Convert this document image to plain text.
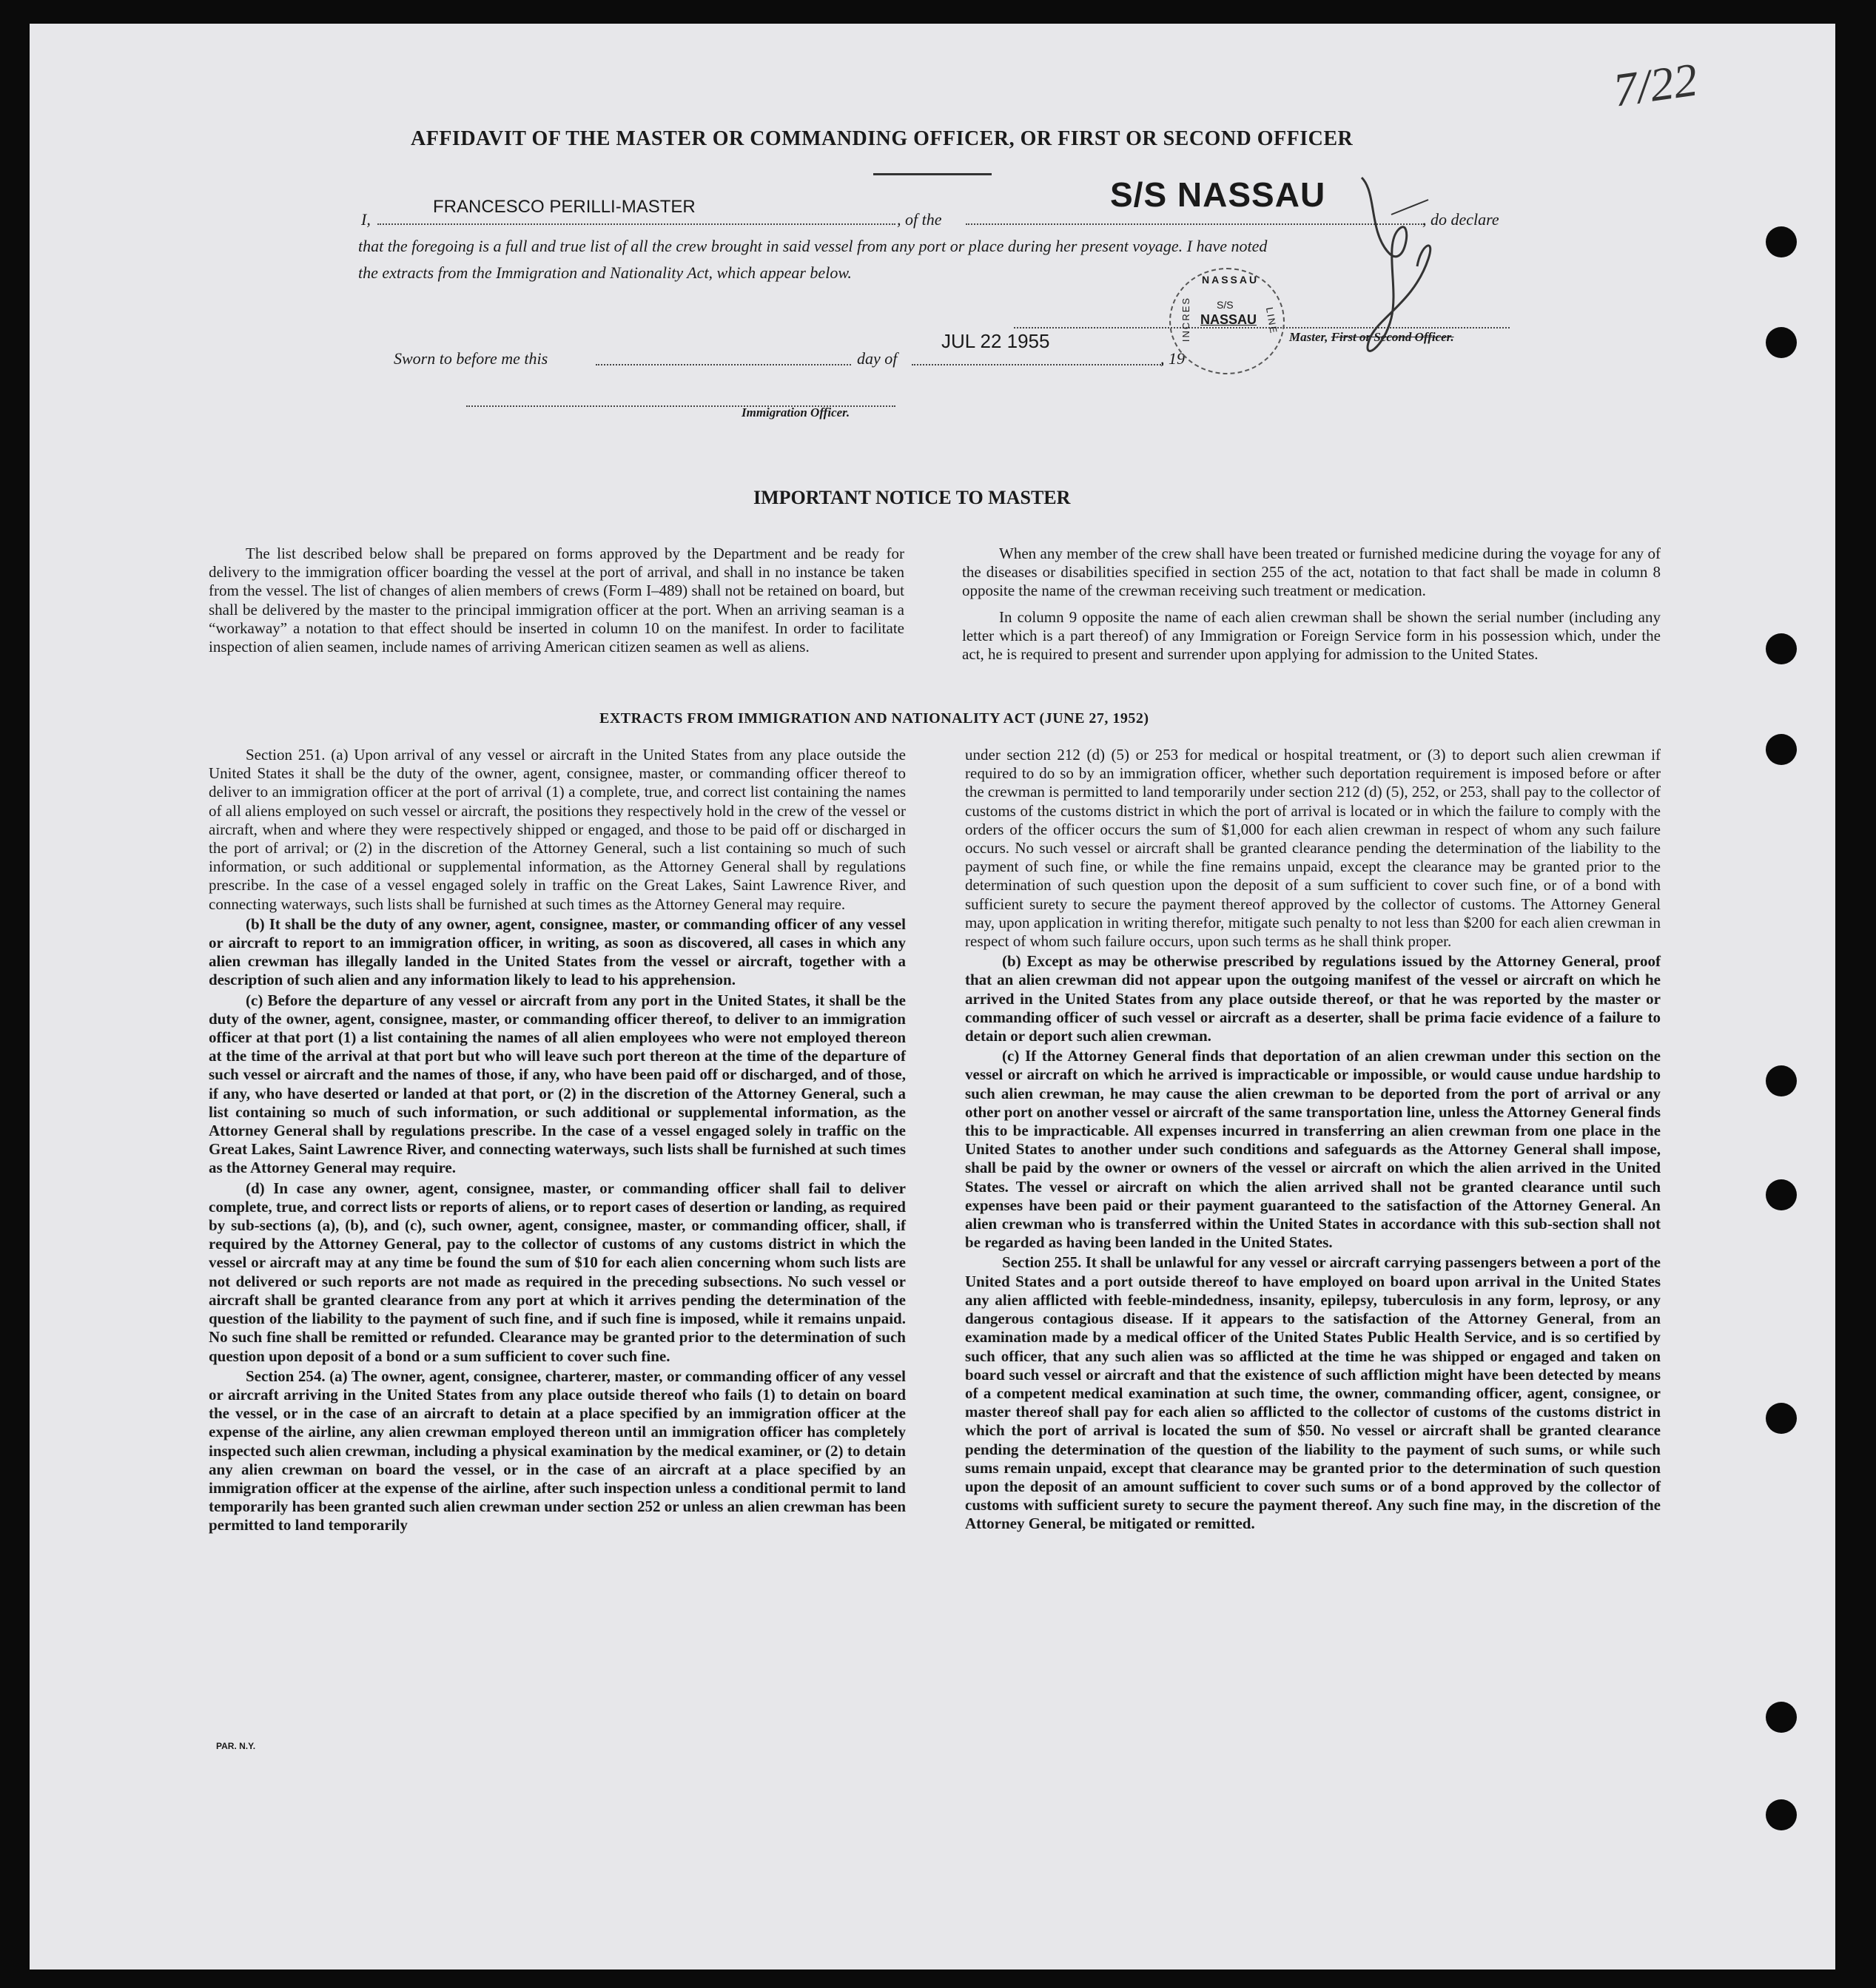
7/22
AFFIDAVIT OF THE MASTER OR COMMANDING OFFICER, OR FIRST OR SECOND OFFICER
I,
FRANCESCO PERILLI-MASTER
, of the
S/S NASSAU
, do declare
that the foregoing is a full and true list of all the crew brought in said vessel from any port or place during her present voyage. I have noted
the extracts from the Immigration and Nationality Act, which appear below.
Sworn to before me this	day of
JUL 22 1955
, 19
Master, First or Second Officer.
NASSAU
INCRES	LINE
S/S
NASSAU
Immigration Officer.
IMPORTANT NOTICE TO MASTER

The list described below shall be prepared on forms approved by the Department and be ready for delivery to the immigration officer boarding the vessel at the port of arrival, and shall in no instance be taken from the vessel. The list of changes of alien members of crews (Form I–489) shall not be retained on board, but shall be delivered by the master to the principal immigration officer at the port. When an arriving seaman is a “workaway” a notation to that effect should be inserted in column 10 on the manifest. In order to facilitate inspection of alien seamen, include names of arriving American citizen seamen as well as aliens.

When any member of the crew shall have been treated or furnished medicine during the voyage for any of the diseases or disabilities specified in section 255 of the act, notation to that fact shall be made in column 8 opposite the name of the crewman receiving such treatment or medication.

In column 9 opposite the name of each alien crewman shall be shown the serial number (including any letter which is a part thereof) of any Immigration or Foreign Service form in his possession which, under the act, he is required to present and surrender upon applying for admission to the United States.

EXTRACTS FROM IMMIGRATION AND NATIONALITY ACT (JUNE 27, 1952)

Section 251. (a) Upon arrival of any vessel or aircraft in the United States from any place outside the United States it shall be the duty of the owner, agent, consignee, master, or commanding officer thereof to deliver to an immigration officer at the port of arrival (1) a complete, true, and correct list containing the names of all aliens employed on such vessel or aircraft, the positions they respectively hold in the crew of the vessel or aircraft, when and where they were respectively shipped or engaged, and those to be paid off or discharged in the port of arrival; or (2) in the discretion of the Attorney General, such a list containing so much of such information, or such additional or supplemental information, as the Attorney General shall by regulations prescribe. In the case of a vessel engaged solely in traffic on the Great Lakes, Saint Lawrence River, and connecting waterways, such lists shall be furnished at such times as the Attorney General may require.

(b) It shall be the duty of any owner, agent, consignee, master, or commanding officer of any vessel or aircraft to report to an immigration officer, in writing, as soon as discovered, all cases in which any alien crewman has illegally landed in the United States from the vessel or aircraft, together with a description of such alien and any information likely to lead to his apprehension.

(c) Before the departure of any vessel or aircraft from any port in the United States, it shall be the duty of the owner, agent, consignee, master, or commanding officer thereof, to deliver to an immigration officer at that port (1) a list containing the names of all alien employees who were not employed thereon at the time of the arrival at that port but who will leave such port thereon at the time of the departure of such vessel or aircraft and the names of those, if any, who have been paid off or discharged, and of those, if any, who have deserted or landed at that port, or (2) in the discretion of the Attorney General, such a list containing so much of such information, or such additional or supplemental information, as the Attorney General shall by regulations prescribe. In the case of a vessel engaged solely in traffic on the Great Lakes, Saint Lawrence River, and connecting waterways, such lists shall be furnished at such times as the Attorney General may require.

(d) In case any owner, agent, consignee, master, or commanding officer shall fail to deliver complete, true, and correct lists or reports of aliens, or to report cases of desertion or landing, as required by sub-sections (a), (b), and (c), such owner, agent, consignee, master, or commanding officer, shall, if required by the Attorney General, pay to the collector of customs of any customs district in which the vessel or aircraft may at any time be found the sum of $10 for each alien concerning whom such lists are not delivered or such reports are not made as required in the preceding subsections. No such vessel or aircraft shall be granted clearance from any port at which it arrives pending the determination of the question of the liability to the payment of such fine, and if such fine is imposed, while it remains unpaid. No such fine shall be remitted or refunded. Clearance may be granted prior to the determination of such question upon deposit of a bond or a sum sufficient to cover such fine.

Section 254. (a) The owner, agent, consignee, charterer, master, or commanding officer of any vessel or aircraft arriving in the United States from any place outside thereof who fails (1) to detain on board the vessel, or in the case of an aircraft to detain at a place specified by an immigration officer at the expense of the airline, any alien crewman employed thereon until an immigration officer has completely inspected such alien crewman, including a physical examination by the medical examiner, or (2) to detain any alien crewman on board the vessel, or in the case of an aircraft at a place specified by an immigration officer at the expense of the airline, after such inspection unless a conditional permit to land temporarily has been granted such alien crewman under section 252 or unless an alien crewman has been permitted to land temporarily

under section 212 (d) (5) or 253 for medical or hospital treatment, or (3) to deport such alien crewman if required to do so by an immigration officer, whether such deportation requirement is imposed before or after the crewman is permitted to land temporarily under section 212 (d) (5), 252, or 253, shall pay to the collector of customs of the customs district in which the port of arrival is located or in which the failure to comply with the orders of the officer occurs the sum of $1,000 for each alien crewman in respect of whom any such failure occurs. No such vessel or aircraft shall be granted clearance pending the determination of the liability to the payment of such fine, or while the fine remains unpaid, except the clearance may be granted prior to the determination of such question upon the deposit of a sum sufficient to cover such fine, or of a bond with sufficient surety to secure the payment thereof approved by the collector of customs. The Attorney General may, upon application in writing therefor, mitigate such penalty to not less than $200 for each alien crewman in respect of whom such failure occurs, upon such terms as he shall think proper.

(b) Except as may be otherwise prescribed by regulations issued by the Attorney General, proof that an alien crewman did not appear upon the outgoing manifest of the vessel or aircraft on which he arrived in the United States from any place outside thereof, or that he was reported by the master or commanding officer of such vessel or aircraft as a deserter, shall be prima facie evidence of a failure to detain or deport such alien crewman.

(c) If the Attorney General finds that deportation of an alien crewman under this section on the vessel or aircraft on which he arrived is impracticable or impossible, or would cause undue hardship to such alien crewman, he may cause the alien crewman to be deported from the port of arrival or any other port on another vessel or aircraft of the same transportation line, unless the Attorney General finds this to be impracticable. All expenses incurred in transferring an alien crewman from one place in the United States to another under such conditions and safeguards as the Attorney General shall impose, shall be paid by the owner or owners of the vessel or aircraft on which the alien arrived in the United States. The vessel or aircraft on which the alien arrived shall not be granted clearance until such expenses have been paid or their payment guaranteed to the satisfaction of the Attorney General. An alien crewman who is transferred within the United States in accordance with this sub-section shall not be regarded as having been landed in the United States.

Section 255. It shall be unlawful for any vessel or aircraft carrying passengers between a port of the United States and a port outside thereof to have employed on board upon arrival in the United States any alien afflicted with feeble-mindedness, insanity, epilepsy, tuberculosis in any form, leprosy, or any dangerous contagious disease. If it appears to the satisfaction of the Attorney General, from an examination made by a medical officer of the United States Public Health Service, and is so certified by such officer, that any such alien was so afflicted at the time he was shipped or engaged and taken on board such vessel or aircraft and that the existence of such affliction might have been detected by means of a competent medical examination at such time, the owner, commanding officer, agent, consignee, or master thereof shall pay for each alien so afflicted to the collector of customs of the customs district in which the port of arrival is located the sum of $50. No vessel or aircraft shall be granted clearance pending the determination of the question of the liability to the payment of such sums, or while such sums remain unpaid, except that clearance may be granted prior to the determination of such question upon the deposit of an amount sufficient to cover such sums or of a bond approved by the collector of customs with sufficient surety to secure the payment thereof. Any such fine may, in the discretion of the Attorney General, be mitigated or remitted.

PAR. N.Y.
